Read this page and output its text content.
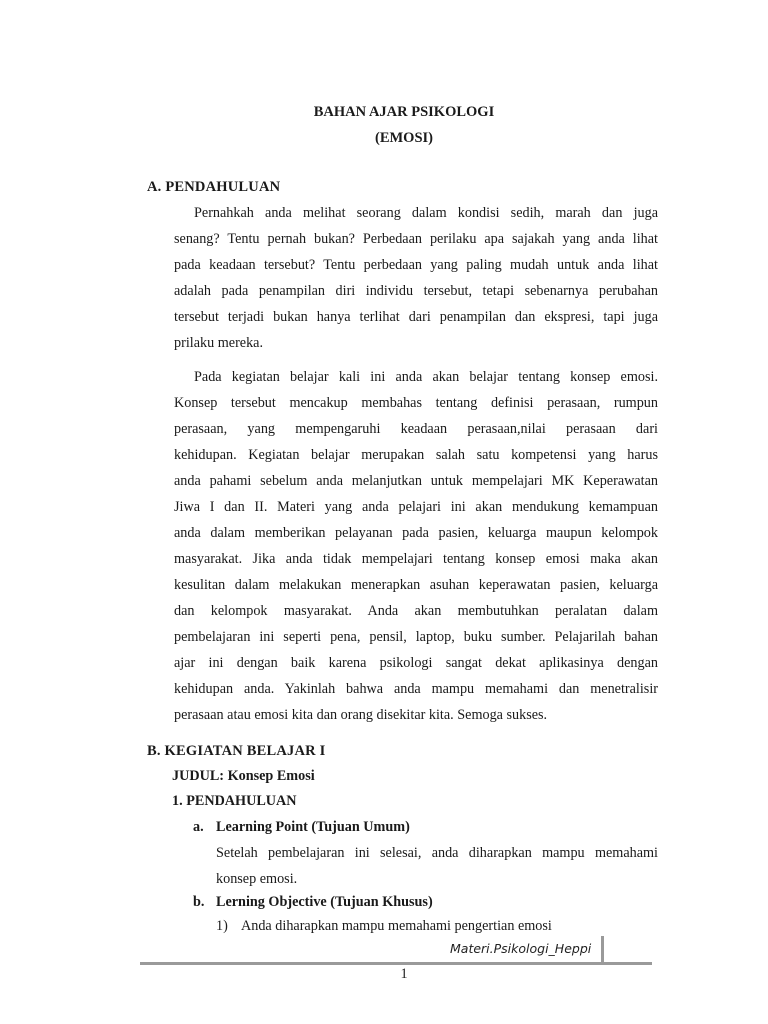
BAHAN AJAR PSIKOLOGI
(EMOSI)
A. PENDAHULUAN
Pernahkah anda melihat seorang dalam kondisi sedih, marah dan juga
senang? Tentu pernah bukan? Perbedaan perilaku apa sajakah yang anda lihat
pada keadaan tersebut? Tentu perbedaan yang paling mudah untuk anda lihat
adalah pada penampilan diri individu tersebut, tetapi sebenarnya perubahan
tersebut terjadi bukan hanya terlihat dari penampilan dan ekspresi, tapi juga
prilaku mereka.
Pada kegiatan belajar kali ini anda akan belajar tentang konsep emosi.
Konsep tersebut mencakup membahas tentang definisi perasaan, rumpun
perasaan, yang mempengaruhi keadaan perasaan,nilai perasaan dari
kehidupan. Kegiatan belajar merupakan salah satu kompetensi yang harus
anda pahami sebelum anda melanjutkan untuk mempelajari MK Keperawatan
Jiwa I dan II. Materi yang anda pelajari ini akan mendukung kemampuan
anda dalam memberikan pelayanan pada pasien, keluarga maupun kelompok
masyarakat. Jika anda tidak mempelajari tentang konsep emosi maka akan
kesulitan dalam melakukan menerapkan asuhan keperawatan pasien, keluarga
dan kelompok masyarakat. Anda akan membutuhkan peralatan dalam
pembelajaran ini seperti pena, pensil, laptop, buku sumber. Pelajarilah bahan
ajar ini dengan baik karena psikologi sangat dekat aplikasinya dengan
kehidupan anda. Yakinlah bahwa anda mampu memahami dan menetralisir
perasaan atau emosi kita dan orang disekitar kita. Semoga sukses.
B. KEGIATAN BELAJAR I
JUDUL: Konsep Emosi
1. PENDAHULUAN
a. Learning Point (Tujuan Umum)
Setelah pembelajaran ini selesai, anda diharapkan mampu memahami
konsep emosi.
b. Lerning Objective (Tujuan Khusus)
1) Anda diharapkan mampu memahami pengertian emosi
Materi.Psikologi_Heppi
1
